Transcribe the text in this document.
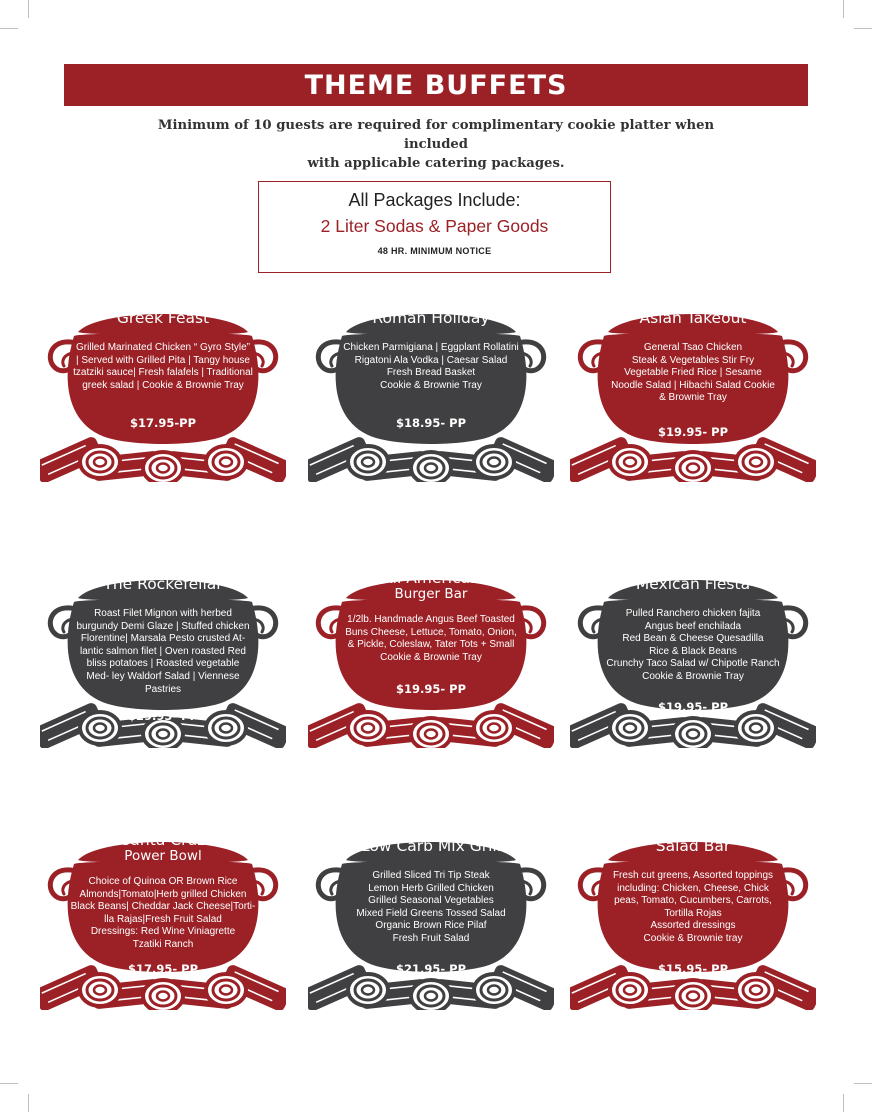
THEME BUFFETS
Minimum of 10 guests are required for complimentary cookie platter when included
with applicable catering packages.
All Packages Include:
2 Liter Sodas & Paper Goods
48 HR. MINIMUM NOTICE
Greek Feast
Grilled Marinated Chicken “ Gyro Style”
| Served with Grilled Pita | Tangy house
tzatziki sauce| Fresh falafels | Traditional
greek salad | Cookie & Brownie Tray
$17.95-PP
Roman Holiday
Chicken Parmigiana | Eggplant Rollatini
Rigatoni Ala Vodka | Caesar Salad
Fresh Bread Basket
Cookie & Brownie Tray
$18.95- PP
Asian Takeout
General Tsao Chicken
Steak & Vegetables Stir Fry
Vegetable Fried Rice | Sesame
Noodle Salad | Hibachi Salad Cookie
& Brownie Tray
$19.95- PP
The Rockefellar
Roast Filet Mignon with herbed
burgundy Demi Glaze | Stuffed chicken
Florentine| Marsala Pesto crusted At-
lantic salmon filet | Oven roasted Red
bliss potatoes | Roasted vegetable
Med- ley Waldorf Salad | Viennese
Pastries
$29.95- PP
All American
Burger Bar
1/2lb. Handmade Angus Beef Toasted
Buns Cheese, Lettuce, Tomato, Onion,
& Pickle, Coleslaw, Tater Tots + Small
Cookie & Brownie Tray
$19.95- PP
Mexican Fiesta
Pulled Ranchero chicken fajita
Angus beef enchilada
Red Bean & Cheese Quesadilla
Rice & Black Beans
Crunchy Taco Salad w/ Chipotle Ranch
Cookie & Brownie Tray
$19.95- PP
Santa Cruz
Power Bowl
Choice of Quinoa OR Brown Rice
Almonds|Tomato|Herb grilled Chicken
Black Beans| Cheddar Jack Cheese|Torti-
lla Rajas|Fresh Fruit Salad
Dressings: Red Wine Viniagrette
Tzatiki Ranch
$17.95- PP
Low Carb Mix Grill
Grilled Sliced Tri Tip Steak
Lemon Herb Grilled Chicken
Grilled Seasonal Vegetables
Mixed Field Greens Tossed Salad
Organic Brown Rice Pilaf
Fresh Fruit Salad
$21.95- PP
Salad Bar
Fresh cut greens, Assorted toppings
including: Chicken, Cheese, Chick
peas, Tomato, Cucumbers, Carrots,
Tortilla Rojas
Assorted dressings
Cookie & Brownie tray
$15.95- PP
